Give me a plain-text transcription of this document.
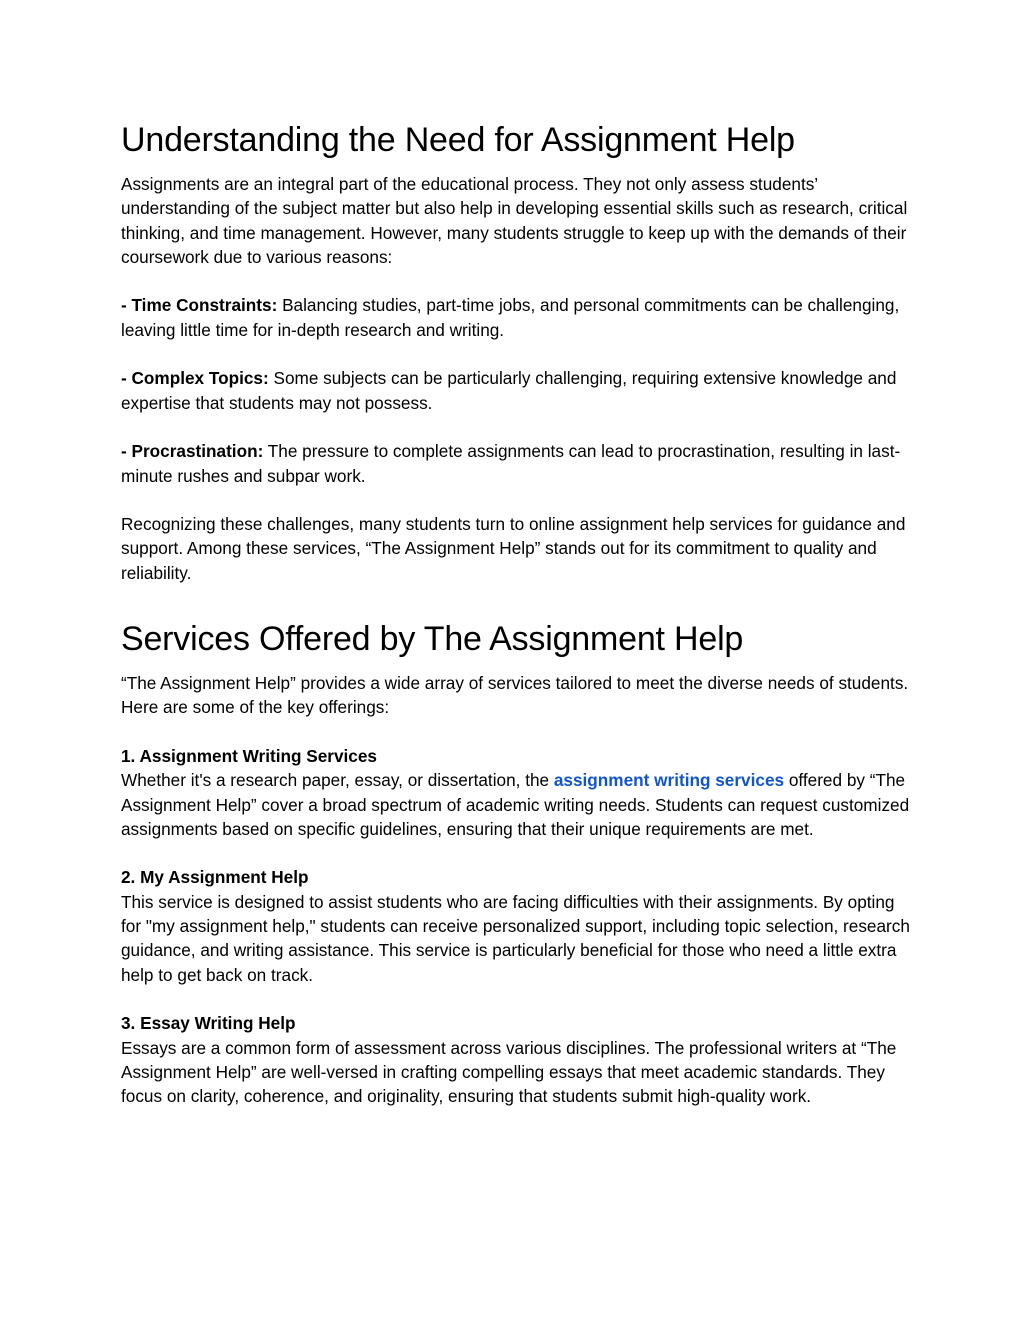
Understanding the Need for Assignment Help

Assignments are an integral part of the educational process. They not only assess students’ understanding of the subject matter but also help in developing essential skills such as research, critical thinking, and time management. However, many students struggle to keep up with the demands of their coursework due to various reasons:

- Time Constraints: Balancing studies, part-time jobs, and personal commitments can be challenging, leaving little time for in-depth research and writing.

- Complex Topics: Some subjects can be particularly challenging, requiring extensive knowledge and expertise that students may not possess.

- Procrastination: The pressure to complete assignments can lead to procrastination, resulting in last-minute rushes and subpar work.

Recognizing these challenges, many students turn to online assignment help services for guidance and support. Among these services, “The Assignment Help” stands out for its commitment to quality and reliability.

Services Offered by The Assignment Help

“The Assignment Help” provides a wide array of services tailored to meet the diverse needs of students. Here are some of the key offerings:

1. Assignment Writing Services

Whether it's a research paper, essay, or dissertation, the assignment writing services offered by “The Assignment Help” cover a broad spectrum of academic writing needs. Students can request customized assignments based on specific guidelines, ensuring that their unique requirements are met.

2. My Assignment Help

This service is designed to assist students who are facing difficulties with their assignments. By opting for "my assignment help," students can receive personalized support, including topic selection, research guidance, and writing assistance. This service is particularly beneficial for those who need a little extra help to get back on track.

3. Essay Writing Help

Essays are a common form of assessment across various disciplines. The professional writers at “The Assignment Help” are well-versed in crafting compelling essays that meet academic standards. They focus on clarity, coherence, and originality, ensuring that students submit high-quality work.
